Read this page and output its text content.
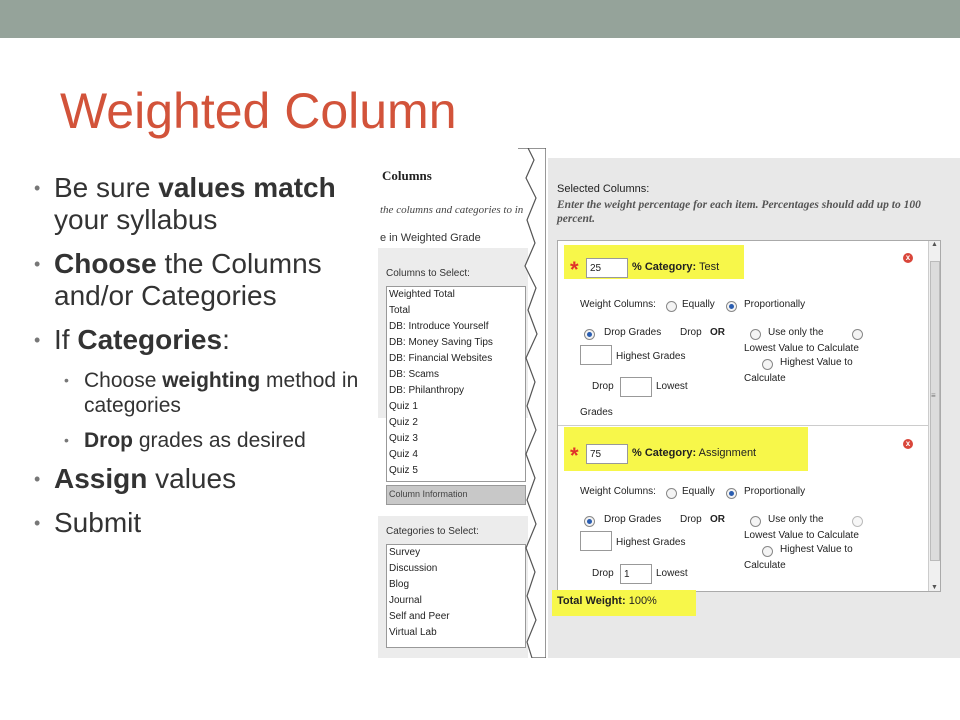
Weighted Column
• Be sure values match your syllabus
• Choose the Columns and/or Categories
• If Categories:
• Choose weighting method in categories
• Drop grades as desired
• Assign values
• Submit
Columns
the columns and categories to in
e in Weighted Grade
Columns to Select:
Weighted Total
Total
DB: Introduce Yourself
DB: Money Saving Tips
DB: Financial Websites
DB: Scams
DB: Philanthropy
Quiz 1
Quiz 2
Quiz 3
Quiz 4
Quiz 5
Column Information
Categories to Select:
Survey
Discussion
Blog
Journal
Self and Peer
Virtual Lab
Selected Columns:
Enter the weight percentage for each item. Percentages should add up to 100 percent.
*	25	% Category: Test
x
Weight Columns:	Equally	Proportionally
Drop Grades Drop OR	Use only the
Lowest Value to Calculate
Highest Grades
Highest Value to
Calculate
Drop	Lowest
Grades
*	75	% Category: Assignment
x
Weight Columns:	Equally	Proportionally
Drop Grades Drop OR	Use only the
Lowest Value to Calculate
Highest Grades
Highest Value to
Calculate
Drop	1	Lowest
▲
≡
▼
Total Weight: 100%
